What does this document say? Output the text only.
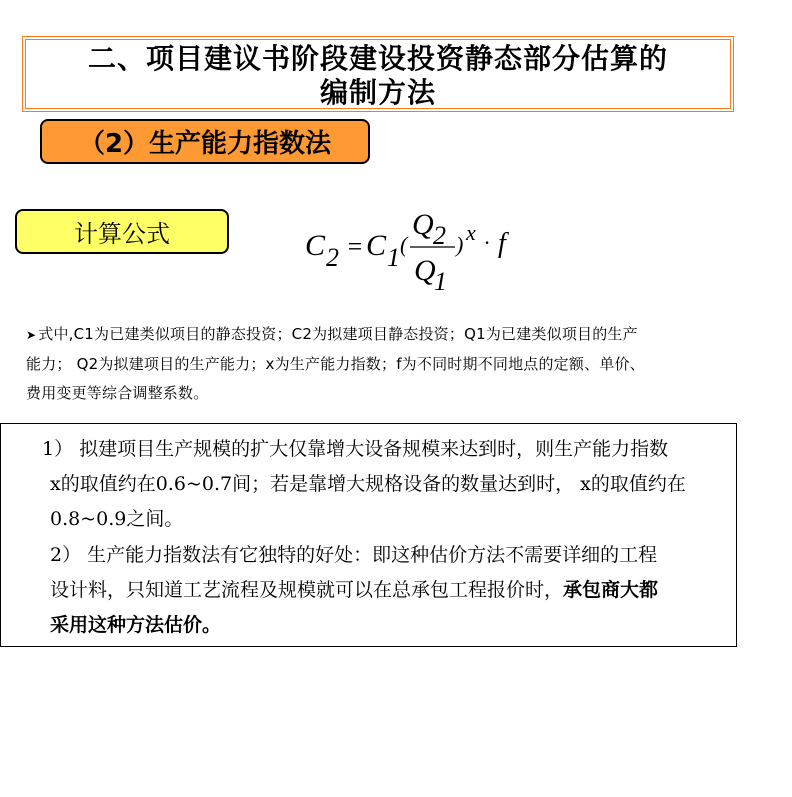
二、项目建议书阶段建设投资静态部分估算的
编制方法
（2）生产能力指数法
计算公式	C 2 = C 1 (
Q 2
Q
1
) x · f
➤ 式中,C1为已建类似项目的静态投资；C2为拟建项目静态投资；Q1为已建类似项目的生产
能力； Q2为拟建项目的生产能力；x为生产能力指数；f为不同时期不同地点的定额、单价、
费用变更等综合调整系数。
1） 拟建项目生产规模的扩大仅靠增大设备规模来达到时，则生产能力指数
x的取值约在0.6~0.7间；若是靠增大规格设备的数量达到时， x的取值约在
0.8~0.9之间。
2） 生产能力指数法有它独特的好处：即这种估价方法不需要详细的工程
设计料，只知道工艺流程及规模就可以在总承包工程报价时，承包商大都
采用这种方法估价。
